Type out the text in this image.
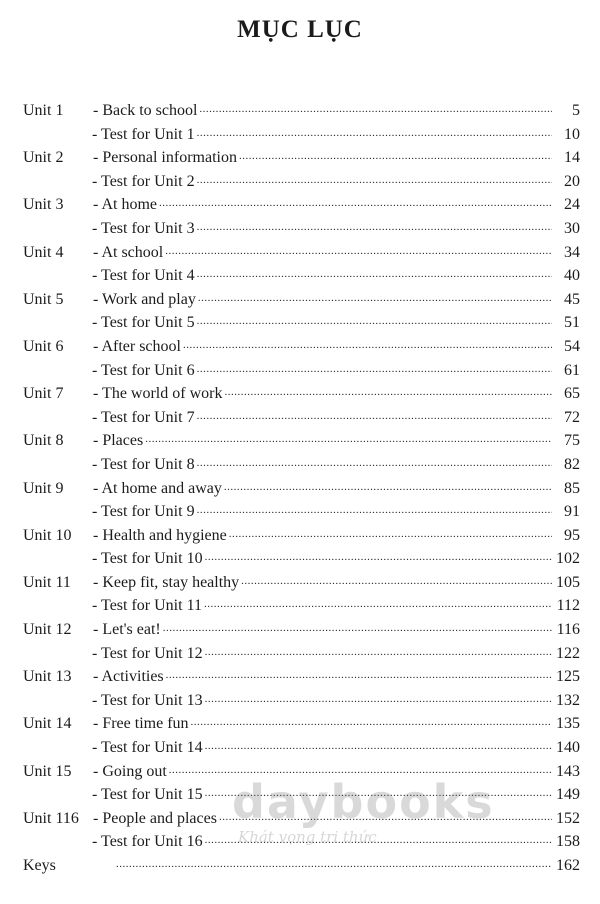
MỤC LỤC
Unit 1 - Back to school .....	5
- Test for Unit 1 .....	10
Unit 2 - Personal information .....	14
- Test for Unit 2 .....	20
Unit 3 - At home .....	24
- Test for Unit 3 .....	30
Unit 4 - At school .....	34
- Test for Unit 4 .....	40
Unit 5 - Work and play .....	45
- Test for Unit 5 .....	51
Unit 6 - After school .....	54
- Test for Unit 6 .....	61
Unit 7 - The world of work .....	65
- Test for Unit 7 .....	72
Unit 8 - Places .....	75
- Test for Unit 8 .....	82
Unit 9 - At home and away .....	85
- Test for Unit 9 .....	91
Unit 10 - Health and hygiene .....	95
- Test for Unit 10 .....	102
Unit 11 - Keep fit, stay healthy .....	105
- Test for Unit 11 .....	112
Unit 12 - Let's eat! .....	116
- Test for Unit 12 .....	122
Unit 13 - Activities .....	125
- Test for Unit 13 .....	132
Unit 14 - Free time fun .....	135
- Test for Unit 14 .....	140
Unit 15 - Going out .....	143
- Test for Unit 15 .....	149
Unit 116 - People and places .....	152
- Test for Unit 16 .....	158
Keys .....	162
daybooks
Khát vọng tri thức
